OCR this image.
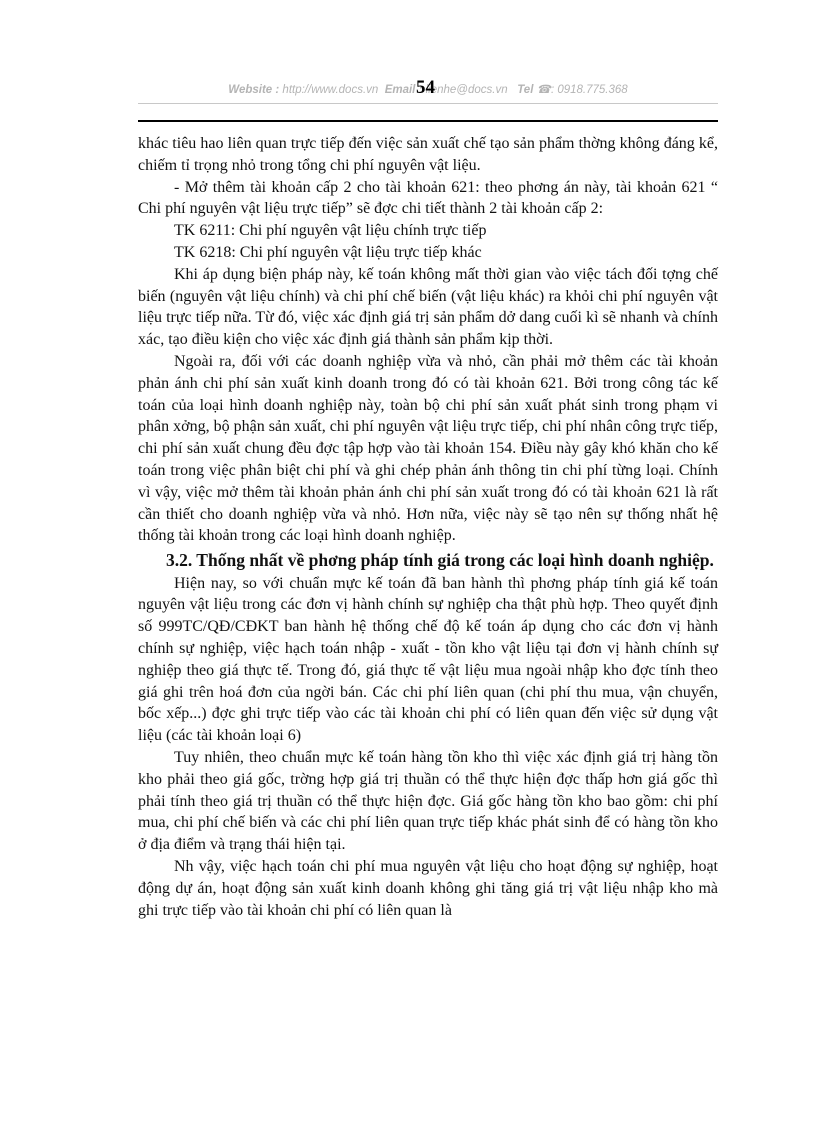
Website : http://www.docs.vn Email : lienhe@docs.vn Tel ☎: 0918.775.368
54

khác tiêu hao liên quan trực tiếp đến việc sản xuất chế tạo sản phẩm thờng không đáng kể, chiếm tỉ trọng nhỏ trong tổng chi phí nguyên vật liệu.

- Mở thêm tài khoản cấp 2 cho tài khoản 621: theo phơng án này, tài khoản 621 “ Chi phí nguyên vật liệu trực tiếp” sẽ đợc chi tiết thành 2 tài khoản cấp 2:

TK 6211: Chi phí nguyên vật liệu chính trực tiếp

TK 6218: Chi phí nguyên vật liệu trực tiếp khác

Khi áp dụng biện pháp này, kế toán không mất thời gian vào việc tách đối tợng chế biến (nguyên vật liệu chính) và chi phí chế biến (vật liệu khác) ra khỏi chi phí nguyên vật liệu trực tiếp nữa. Từ đó, việc xác định giá trị sản phẩm dở dang cuối kì sẽ nhanh và chính xác, tạo điều kiện cho việc xác định giá thành sản phẩm kịp thời.

Ngoài ra, đối với các doanh nghiệp vừa và nhỏ, cần phải mở thêm các tài khoản phản ánh chi phí sản xuất kinh doanh trong đó có tài khoản 621. Bởi trong công tác kế toán của loại hình doanh nghiệp này, toàn bộ chi phí sản xuất phát sinh trong phạm vi phân xởng, bộ phận sản xuất, chi phí nguyên vật liệu trực tiếp, chi phí nhân công trực tiếp, chi phí sản xuất chung đều đợc tập hợp vào tài khoản 154. Điều này gây khó khăn cho kế toán trong việc phân biệt chi phí và ghi chép phản ánh thông tin chi phí từng loại. Chính vì vậy, việc mở thêm tài khoản phản ánh chi phí sản xuất trong đó có tài khoản 621 là rất cần thiết cho doanh nghiệp vừa và nhỏ. Hơn nữa, việc này sẽ tạo nên sự thống nhất hệ thống tài khoản trong các loại hình doanh nghiệp.

3.2. Thống nhất về phơng pháp tính giá trong các loại hình doanh nghiệp.

Hiện nay, so với chuẩn mực kế toán đã ban hành thì phơng pháp tính giá kế toán nguyên vật liệu trong các đơn vị hành chính sự nghiệp cha thật phù hợp. Theo quyết định số 999TC/QĐ/CĐKT ban hành hệ thống chế độ kế toán áp dụng cho các đơn vị hành chính sự nghiệp, việc hạch toán nhập - xuất - tồn kho vật liệu tại đơn vị hành chính sự nghiệp theo giá thực tế. Trong đó, giá thực tế vật liệu mua ngoài nhập kho đợc tính theo giá ghi trên hoá đơn của ngời bán. Các chi phí liên quan (chi phí thu mua, vận chuyển, bốc xếp...) đợc ghi trực tiếp vào các tài khoản chi phí có liên quan đến việc sử dụng vật liệu (các tài khoản loại 6)

Tuy nhiên, theo chuẩn mực kế toán hàng tồn kho thì việc xác định giá trị hàng tồn kho phải theo giá gốc, trờng hợp giá trị thuần có thể thực hiện đợc thấp hơn giá gốc thì phải tính theo giá trị thuần có thể thực hiện đợc. Giá gốc hàng tồn kho bao gồm: chi phí mua, chi phí chế biến và các chi phí liên quan trực tiếp khác phát sinh để có hàng tồn kho ở địa điểm và trạng thái hiện tại.

Nh vậy, việc hạch toán chi phí mua nguyên vật liệu cho hoạt động sự nghiệp, hoạt động dự án, hoạt động sản xuất kinh doanh không ghi tăng giá trị vật liệu nhập kho mà ghi trực tiếp vào tài khoản chi phí có liên quan là
